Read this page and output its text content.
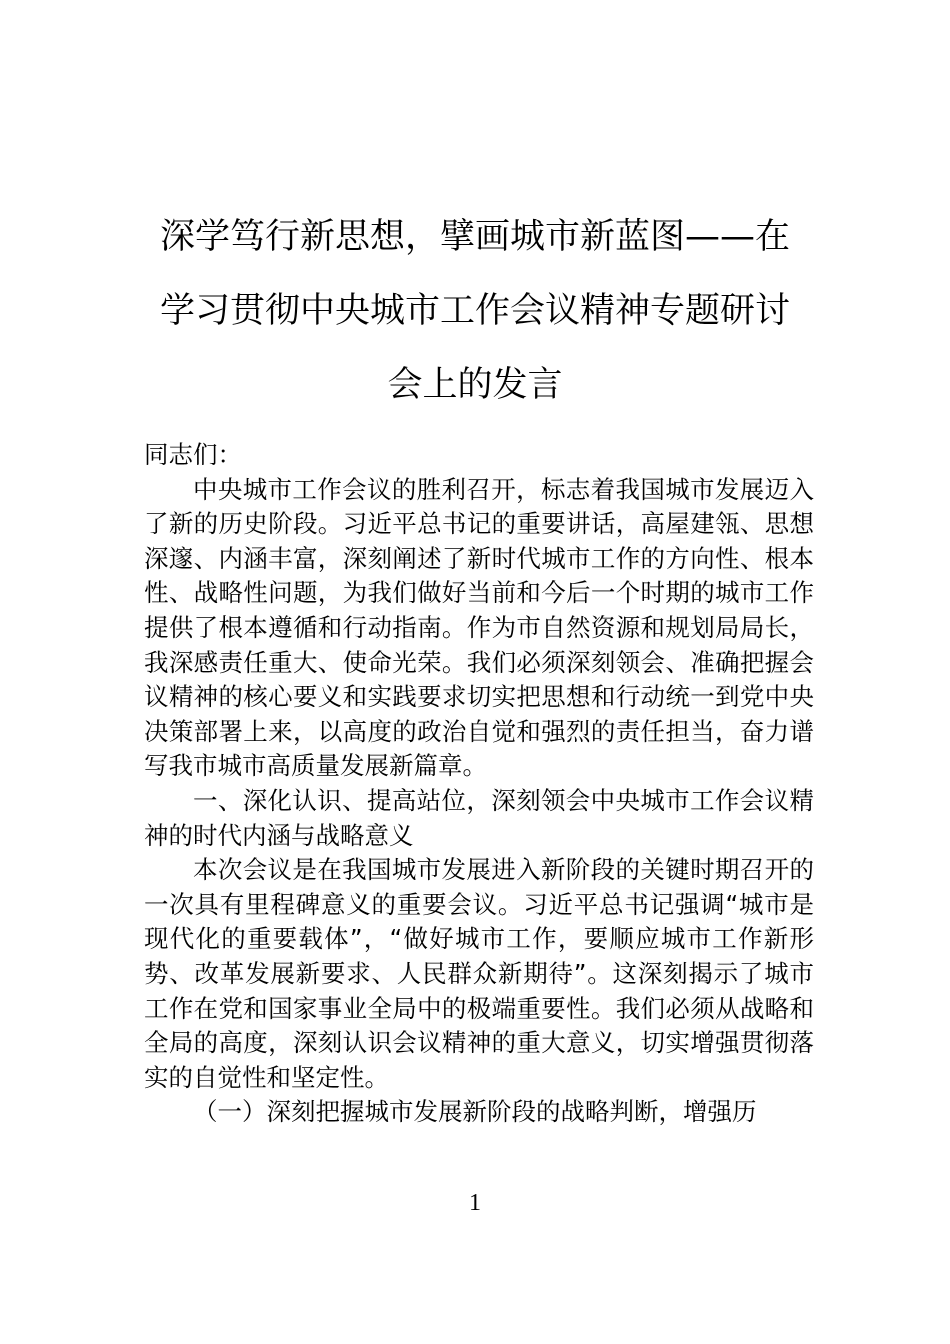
深学笃行新思想，擘画城市新蓝图——在
学习贯彻中央城市工作会议精神专题研讨
会上的发言

同志们：

中央城市工作会议的胜利召开，标志着我国城市发展迈入了新的历史阶段。习近平总书记的重要讲话，高屋建瓴、思想深邃、内涵丰富，深刻阐述了新时代城市工作的方向性、根本性、战略性问题，为我们做好当前和今后一个时期的城市工作提供了根本遵循和行动指南。作为市自然资源和规划局局长，我深感责任重大、使命光荣。我们必须深刻领会、准确把握会议精神的核心要义和实践要求切实把思想和行动统一到党中央决策部署上来，以高度的政治自觉和强烈的责任担当，奋力谱写我市城市高质量发展新篇章。

一、深化认识、提高站位，深刻领会中央城市工作会议精神的时代内涵与战略意义

本次会议是在我国城市发展进入新阶段的关键时期召开的一次具有里程碑意义的重要会议。习近平总书记强调“城市是现代化的重要载体”，“做好城市工作，要顺应城市工作新形势、改革发展新要求、人民群众新期待”。这深刻揭示了城市工作在党和国家事业全局中的极端重要性。我们必须从战略和全局的高度，深刻认识会议精神的重大意义，切实增强贯彻落实的自觉性和坚定性。

（一）深刻把握城市发展新阶段的战略判断，增强历

1
